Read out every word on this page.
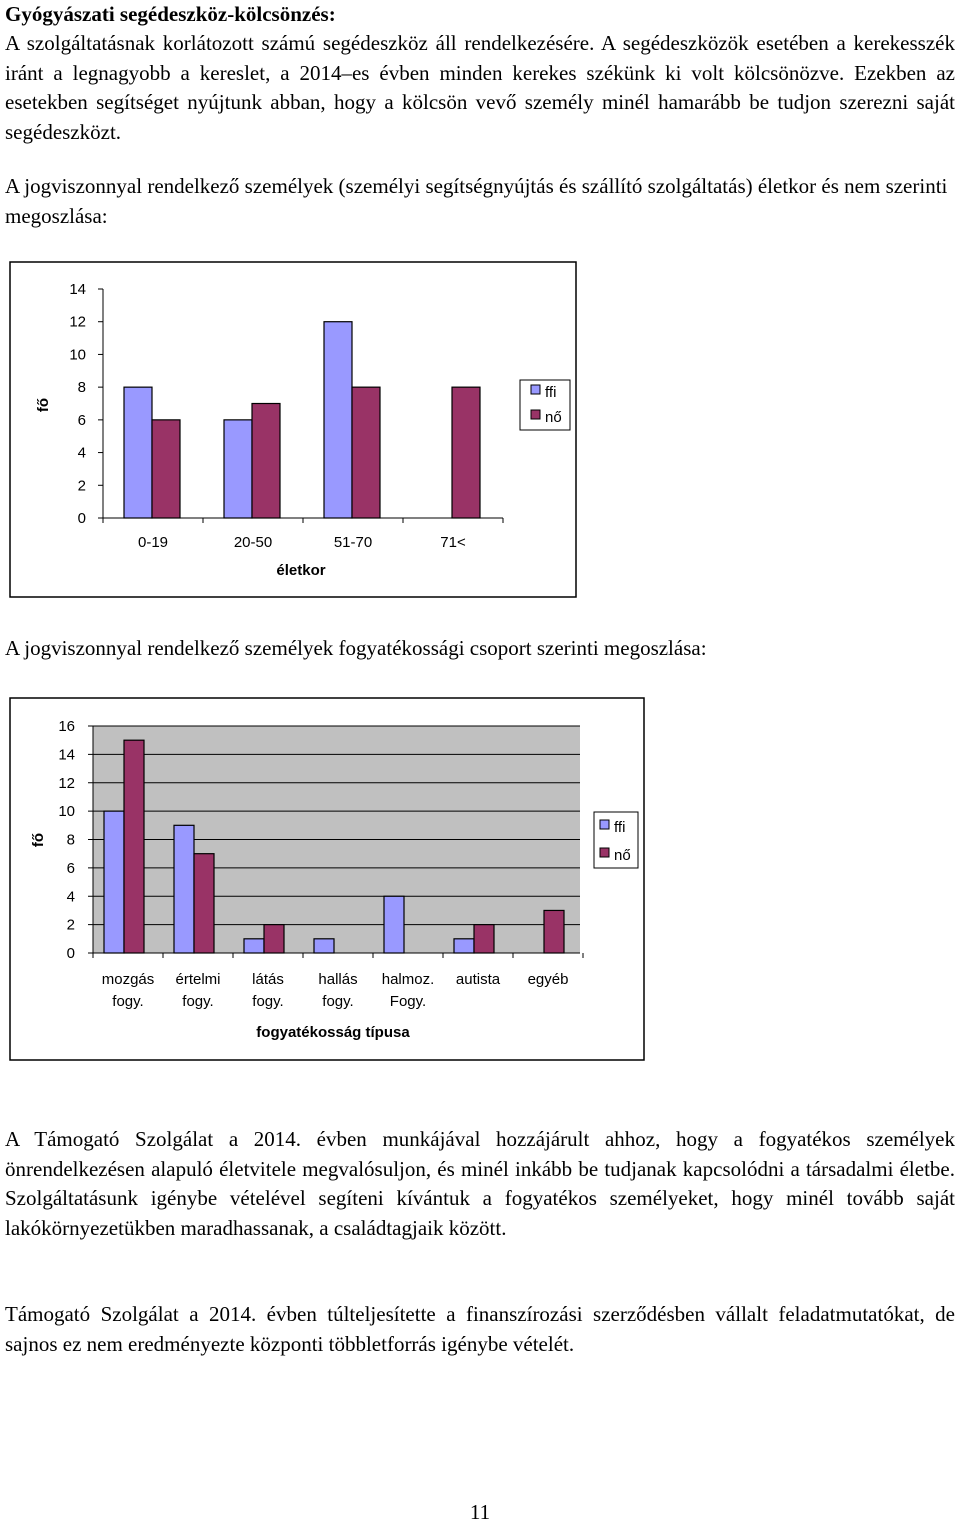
Gyógyászati segédeszköz-kölcsönzés:
A szolgáltatásnak korlátozott számú segédeszköz áll rendelkezésére. A segédeszközök esetében a kerekesszék iránt a legnagyobb a kereslet, a 2014–es évben minden kerekes székünk ki volt kölcsönözve. Ezekben az esetekben segítséget nyújtunk abban, hogy a kölcsön vevő személy minél hamarább be tudjon szerezni saját segédeszközt.
A jogviszonnyal rendelkező személyek (személyi segítségnyújtás és szállító szolgáltatás) életkor és nem szerinti megoszlása:
0
2
4
6
8
10
12
14
0-19	20-50	51-70	71<
életkor
fő
ffi
nő
0
2
4
6
8
10
12
14
16
mozgás
fogy.
értelmi
fogy.
látás
fogy.
hallás
fogy.
halmoz.
Fogy.
autista egyéb
fogyatékosság típusa
fő
ffi
nő
A jogviszonnyal rendelkező személyek fogyatékossági csoport szerinti megoszlása:
A Támogató Szolgálat a 2014. évben munkájával hozzájárult ahhoz, hogy a fogyatékos személyek önrendelkezésen alapuló életvitele megvalósuljon, és minél inkább be tudjanak kapcsolódni a társadalmi életbe. Szolgáltatásunk igénybe vételével segíteni kívántuk a fogyatékos személyeket, hogy minél tovább saját lakókörnyezetükben maradhassanak, a családtagjaik között.
Támogató Szolgálat a 2014. évben túlteljesítette a finanszírozási szerződésben vállalt feladatmutatókat, de sajnos ez nem eredményezte központi többletforrás igénybe vételét.
11
